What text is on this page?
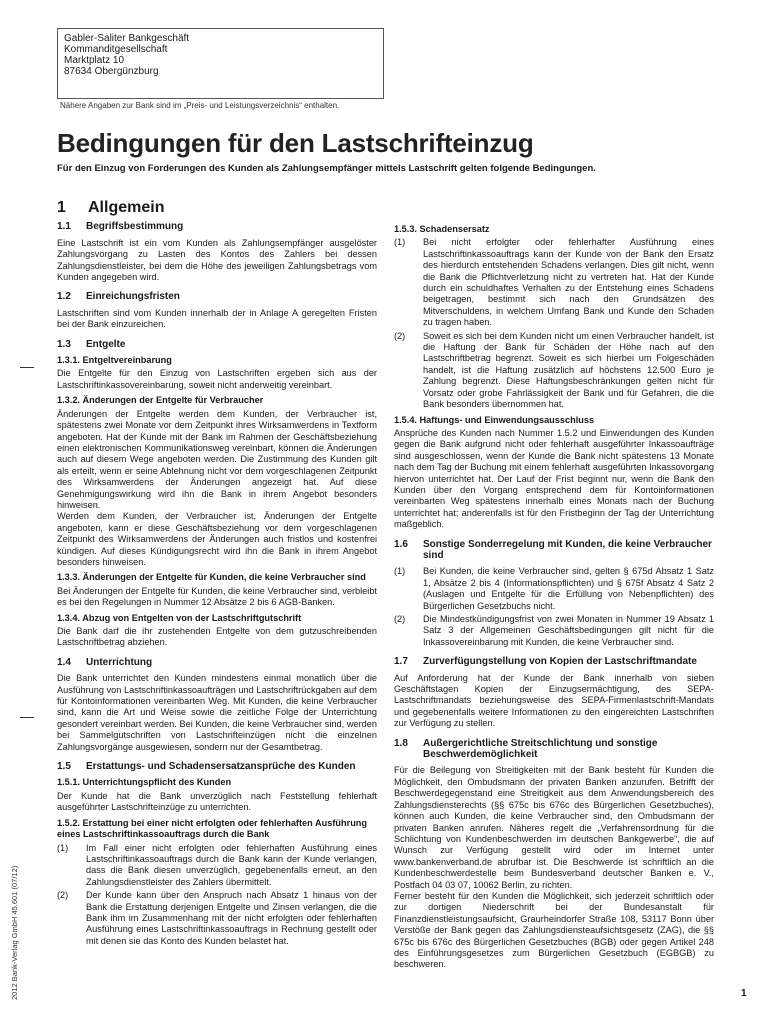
Gabler-Saliter Bankgeschäft
Kommanditgesellschaft
Marktplatz 10
87634 Obergünzburg
Nähere Angaben zur Bank sind im „Preis- und Leistungsverzeichnis“ enthalten.
Bedingungen für den Lastschrifteinzug
Für den Einzug von Forderungen des Kunden als Zahlungsempfänger mittels Lastschrift gelten folgende Bedingungen.
1	Allgemein
1.1	Begriffsbestimmung
Eine Lastschrift ist ein vom Kunden als Zahlungsempfänger ausgelöster Zahlungsvorgang zu Lasten des Kontos des Zahlers bei dessen Zahlungsdienstleister, bei dem die Höhe des jeweiligen Zahlungsbetrags vom Kunden angegeben wird.
1.2	Einreichungsfristen
Lastschriften sind vom Kunden innerhalb der in Anlage A geregelten Fristen bei der Bank einzureichen.
1.3	Entgelte
1.3.1. Entgeltvereinbarung
Die Entgelte für den Einzug von Lastschriften ergeben sich aus der Lastschriftinkassovereinbarung, soweit nicht anderweitig vereinbart.
1.3.2. Änderungen der Entgelte für Verbraucher
Änderungen der Entgelte werden dem Kunden, der Verbraucher ist, spätestens zwei Monate vor dem Zeitpunkt ihres Wirksamwerdens in Textform angeboten. Hat der Kunde mit der Bank im Rahmen der Geschäftsbeziehung einen elektronischen Kommunikationsweg vereinbart, können die Änderungen auch auf diesem Wege angeboten werden. Die Zustimmung des Kunden gilt als erteilt, wenn er seine Ablehnung nicht vor dem vorgeschlagenen Zeitpunkt des Wirksamwerdens der Änderungen angezeigt hat. Auf diese Genehmigungswirkung wird ihn die Bank in ihrem Angebot besonders hinweisen.
Werden dem Kunden, der Verbraucher ist, Änderungen der Entgelte angeboten, kann er diese Geschäftsbeziehung vor dem vorgeschlagenen Zeitpunkt des Wirksamwerdens der Änderungen auch fristlos und kostenfrei kündigen. Auf dieses Kündigungsrecht wird ihn die Bank in ihrem Angebot besonders hinweisen.
1.3.3. Änderungen der Entgelte für Kunden, die keine Verbraucher sind
Bei Änderungen der Entgelte für Kunden, die keine Verbraucher sind, verbleibt es bei den Regelungen in Nummer 12 Absätze 2 bis 6 AGB-Banken.
1.3.4. Abzug von Entgelten von der Lastschriftgutschrift
Die Bank darf die ihr zustehenden Entgelte von dem gutzuschreibenden Lastschriftbetrag abziehen.
1.4	Unterrichtung
Die Bank unterrichtet den Kunden mindestens einmal monatlich über die Ausführung von Lastschriftinkassoaufträgen und Lastschriftrückgaben auf dem für Kontoinformationen vereinbarten Weg. Mit Kunden, die keine Verbraucher sind, kann die Art und Weise sowie die zeitliche Folge der Unterrichtung gesondert vereinbart werden. Bei Kunden, die keine Verbraucher sind, werden bei Sammelgutschriften von Lastschrifteinzügen nicht die einzelnen Zahlungsvorgänge ausgewiesen, sondern nur der Gesamtbetrag.
1.5	Erstattungs- und Schadensersatzansprüche des Kunden
1.5.1. Unterrichtungspflicht des Kunden
Der Kunde hat die Bank unverzüglich nach Feststellung fehlerhaft ausgeführter Lastschrifteinzüge zu unterrichten.
1.5.2. Erstattung bei einer nicht erfolgten oder fehlerhaften Ausführung eines Lastschriftinkassoauftrags durch die Bank
(1)	Im Fall einer nicht erfolgten oder fehlerhaften Ausführung eines Lastschriftinkassoauftrags durch die Bank kann der Kunde verlangen, dass die Bank diesen unverzüglich, gegebenenfalls erneut, an den Zahlungsdienstleister des Zahlers übermittelt.
(2)	Der Kunde kann über den Anspruch nach Absatz 1 hinaus von der Bank die Erstattung derjenigen Entgelte und Zinsen verlangen, die die Bank ihm im Zusammenhang mit der nicht erfolgten oder fehlerhaften Ausführung eines Lastschriftinkassoauftrags in Rechnung gestellt oder mit denen sie das Konto des Kunden belastet hat.
1.5.3. Schadensersatz
(1)	Bei nicht erfolgter oder fehlerhafter Ausführung eines Lastschriftinkassoauftrags kann der Kunde von der Bank den Ersatz des hierdurch entstehenden Schadens verlangen. Dies gilt nicht, wenn die Bank die Pflichtverletzung nicht zu vertreten hat. Hat der Kunde durch ein schuldhaftes Verhalten zu der Entstehung eines Schadens beigetragen, bestimmt sich nach den Grundsätzen des Mitverschuldens, in welchem Umfang Bank und Kunde den Schaden zu tragen haben.
(2)	Soweit es sich bei dem Kunden nicht um einen Verbraucher handelt, ist die Haftung der Bank für Schäden der Höhe nach auf den Lastschriftbetrag begrenzt. Soweit es sich hierbei um Folgeschäden handelt, ist die Haftung zusätzlich auf höchstens 12.500 Euro je Zahlung begrenzt. Diese Haftungsbeschränkungen gelten nicht für Vorsatz oder grobe Fahrlässigkeit der Bank und für Gefahren, die die Bank besonders übernommen hat.
1.5.4. Haftungs- und Einwendungsausschluss
Ansprüche des Kunden nach Nummer 1.5.2 und Einwendungen des Kunden gegen die Bank aufgrund nicht oder fehlerhaft ausgeführter Inkassoaufträge sind ausgeschlossen, wenn der Kunde die Bank nicht spätestens 13 Monate nach dem Tag der Buchung mit einem fehlerhaft ausgeführten Inkassovorgang hiervon unterrichtet hat. Der Lauf der Frist beginnt nur, wenn die Bank den Kunden über den Vorgang entsprechend dem für Kontoinformationen vereinbarten Weg spätestens innerhalb eines Monats nach der Buchung unterrichtet hat; anderenfalls ist für den Fristbeginn der Tag der Unterrichtung maßgeblich.
1.6	Sonstige Sonderregelung mit Kunden, die keine Verbraucher sind
(1)	Bei Kunden, die keine Verbraucher sind, gelten § 675d Absatz 1 Satz 1, Absätze 2 bis 4 (Informationspflichten) und § 675f Absatz 4 Satz 2 (Auslagen und Entgelte für die Erfüllung von Nebenpflichten) des Bürgerlichen Gesetzbuchs nicht.
(2)	Die Mindestkündigungsfrist von zwei Monaten in Nummer 19 Absatz 1 Satz 3 der Allgemeinen Geschäftsbedingungen gilt nicht für die Inkassovereinbarung mit Kunden, die keine Verbraucher sind.
1.7	Zurverfügungstellung von Kopien der Lastschriftmandate
Auf Anforderung hat der Kunde der Bank innerhalb von sieben Geschäftstagen Kopien der Einzugsermächtigung, des SEPA-Lastschriftmandats beziehungsweise des SEPA-Firmenlastschrift-Mandats und gegebenenfalls weitere Informationen zu den eingereichten Lastschriften zur Verfügung zu stellen.
1.8	Außergerichtliche Streitschlichtung und sonstige Beschwerdemöglichkeit
Für die Beilegung von Streitigkeiten mit der Bank besteht für Kunden die Möglichkeit, den Ombudsmann der privaten Banken anzurufen. Betrifft der Beschwerdegegenstand eine Streitigkeit aus dem Anwendungsbereich des Zahlungsdiensterechts (§§ 675c bis 676c des Bürgerlichen Gesetzbuches), können auch Kunden, die keine Verbraucher sind, den Ombudsmann der privaten Banken anrufen. Näheres regelt die „Verfahrensordnung für die Schlichtung von Kundenbeschwerden im deutschen Bankgewerbe“, die auf Wunsch zur Verfügung gestellt wird oder im Internet unter www.bankenverband.de abrufbar ist. Die Beschwerde ist schriftlich an die Kundenbeschwerdestelle beim Bundesverband deutscher Banken e. V., Postfach 04 03 07, 10062 Berlin, zu richten.
Ferner besteht für den Kunden die Möglichkeit, sich jederzeit schriftlich oder zur dortigen Niederschrift bei der Bundesanstalt für Finanzdienstleistungsaufsicht, Graurheindorfer Straße 108, 53117 Bonn über Verstöße der Bank gegen das Zahlungsdiensteaufsichtsgesetz (ZAG), die §§ 675c bis 676c des Bürgerlichen Gesetzbuches (BGB) oder gegen Artikel 248 des Einführungsgesetzes zum Bürgerlichen Gesetzbuch (EGBGB) zu beschweren.
2012 Bank-Verlag GmbH 45.601 (07/12)	1
